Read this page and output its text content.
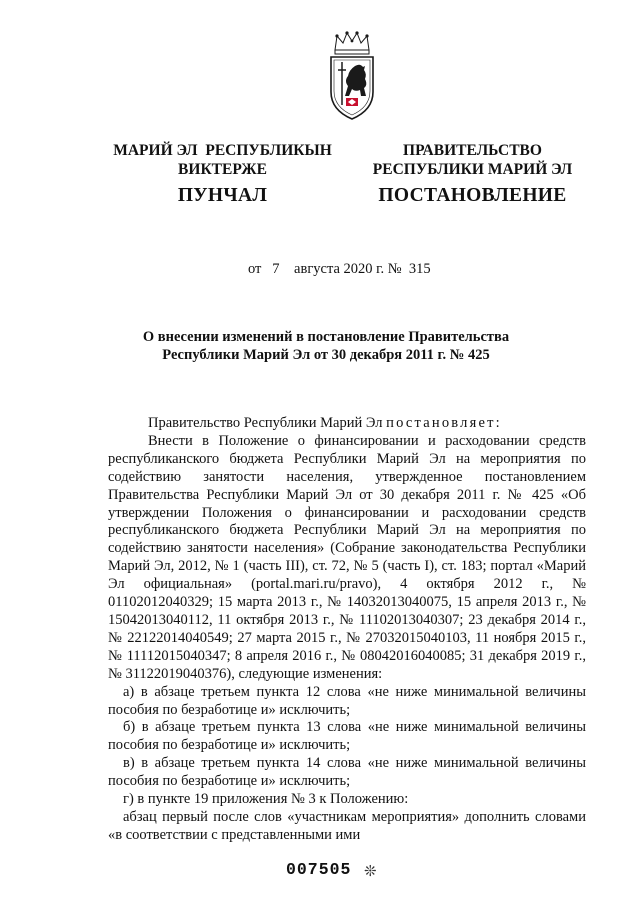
МАРИЙ ЭЛ  РЕСПУБЛИКЫН
ВИКТЕРЖЕ
ПУНЧАЛ
ПРАВИТЕЛЬСТВО
РЕСПУБЛИКИ МАРИЙ ЭЛ
ПОСТАНОВЛЕНИЕ
от 7 августа 2020 г. № 315
О внесении изменений в постановление Правительства
Республики Марий Эл от 30 декабря 2011 г. № 425

Правительство Республики Марий Эл постановляет:

Внести в Положение о финансировании и расходовании средств республиканского бюджета Республики Марий Эл на мероприятия по содействию занятости населения, утвержденное постановлением Правительства Республики Марий Эл от 30 декабря 2011 г. № 425 «Об утверждении Положения о финансировании и расходовании средств республиканского бюджета Республики Марий Эл на мероприятия по содействию занятости населения» (Собрание законодательства Республики Марий Эл, 2012, № 1 (часть III), ст. 72, № 5 (часть I), ст. 183; портал «Марий Эл официальная» (portal.mari.ru/pravo), 4 октября 2012 г., № 01102012040329; 15 марта 2013 г., № 14032013040075, 15 апреля 2013 г., № 15042013040112, 11 октября 2013 г., № 11102013040307; 23 декабря 2014 г., № 22122014040549; 27 марта 2015 г., № 27032015040103, 11 ноября 2015 г., № 11112015040347; 8 апреля 2016 г., № 08042016040085; 31 декабря 2019 г., № 31122019040376), следующие изменения:

а) в абзаце третьем пункта 12 слова «не ниже минимальной величины пособия по безработице и» исключить;

б) в абзаце третьем пункта 13 слова «не ниже минимальной величины пособия по безработице и» исключить;

в) в абзаце третьем пункта 14 слова «не ниже минимальной величины пособия по безработице и» исключить;

г) в пункте 19 приложения № 3 к Положению:

абзац первый после слов «участникам мероприятия» дополнить словами «в соответствии с представленными ими

007505 ❊
